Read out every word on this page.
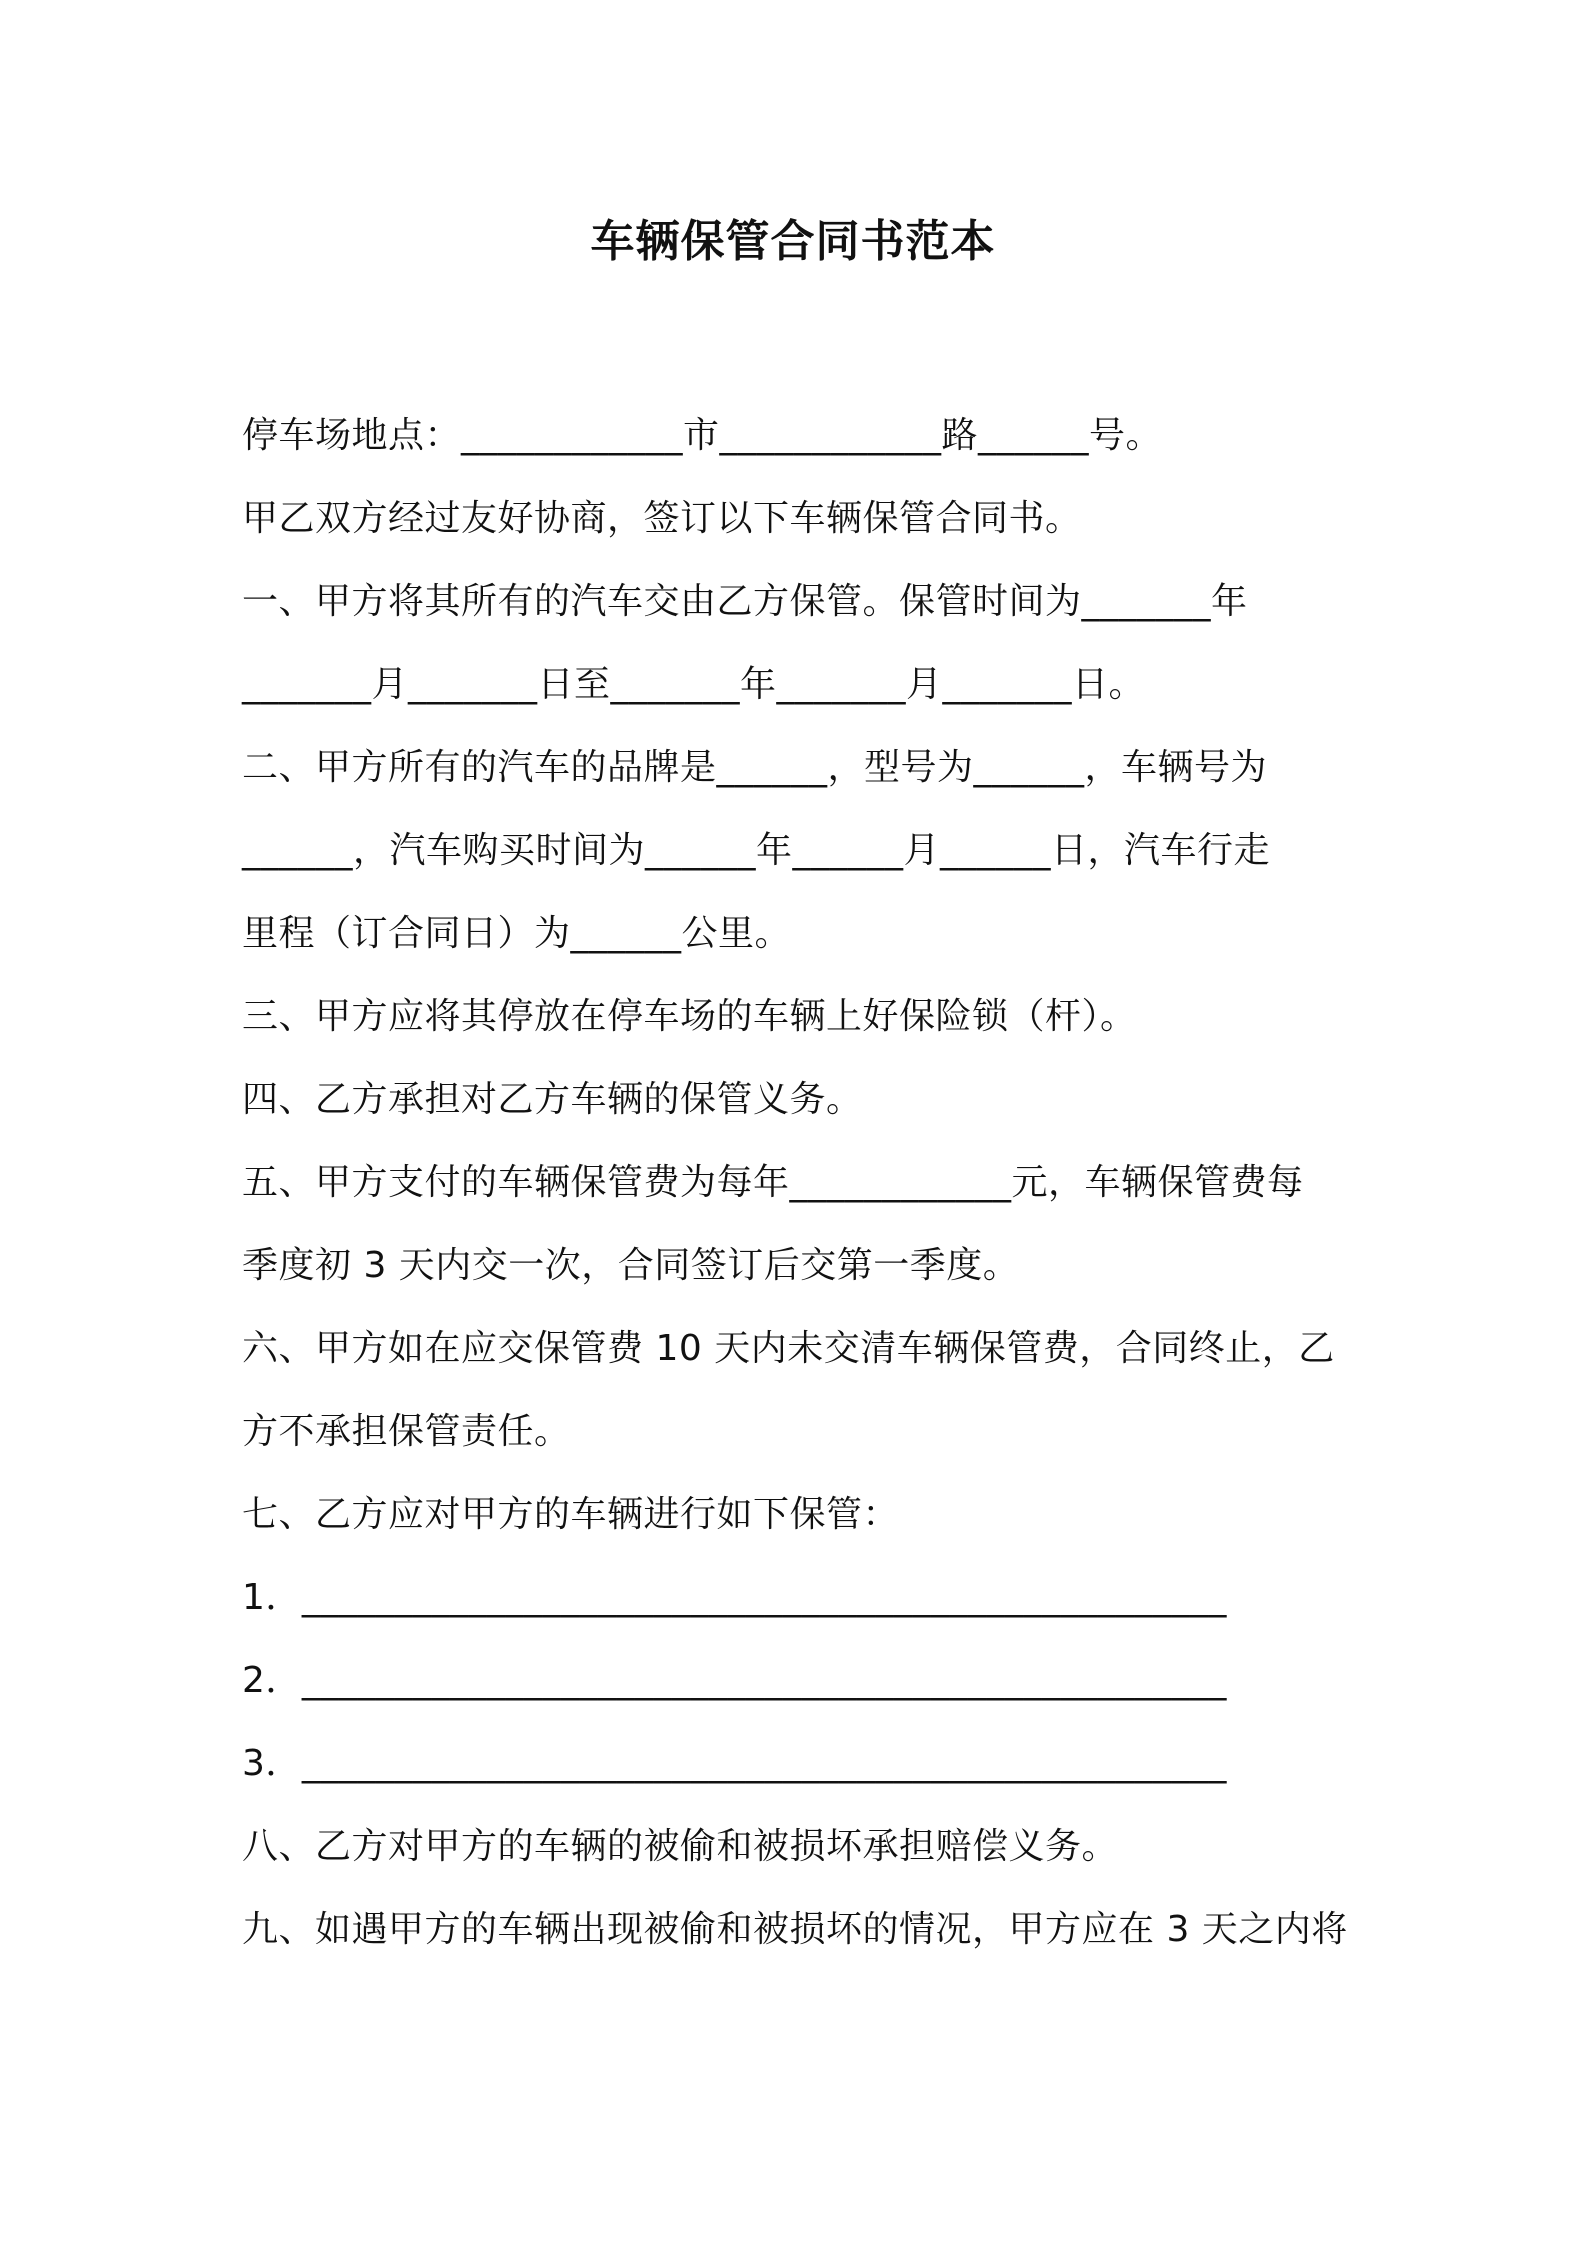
车辆保管合同书范本
停车场地点：____________市____________路______号。
甲乙双方经过友好协商，签订以下车辆保管合同书。
一、甲方将其所有的汽车交由乙方保管。保管时间为_______年
_______月_______日至_______年_______月_______日。
二、甲方所有的汽车的品牌是______，型号为______，车辆号为
______，汽车购买时间为______年______月______日，汽车行走
里程（订合同日）为______公里。
三、甲方应将其停放在停车场的车辆上好保险锁（杆）。
四、乙方承担对乙方车辆的保管义务。
五、甲方支付的车辆保管费为每年____________元，车辆保管费每
季度初 3 天内交一次，合同签订后交第一季度。
六、甲方如在应交保管费 10 天内未交清车辆保管费，合同终止，乙
方不承担保管责任。
七、乙方应对甲方的车辆进行如下保管：
1．__________________________________________________
2．__________________________________________________
3．__________________________________________________
八、乙方对甲方的车辆的被偷和被损坏承担赔偿义务。
九、如遇甲方的车辆出现被偷和被损坏的情况，甲方应在 3 天之内将
